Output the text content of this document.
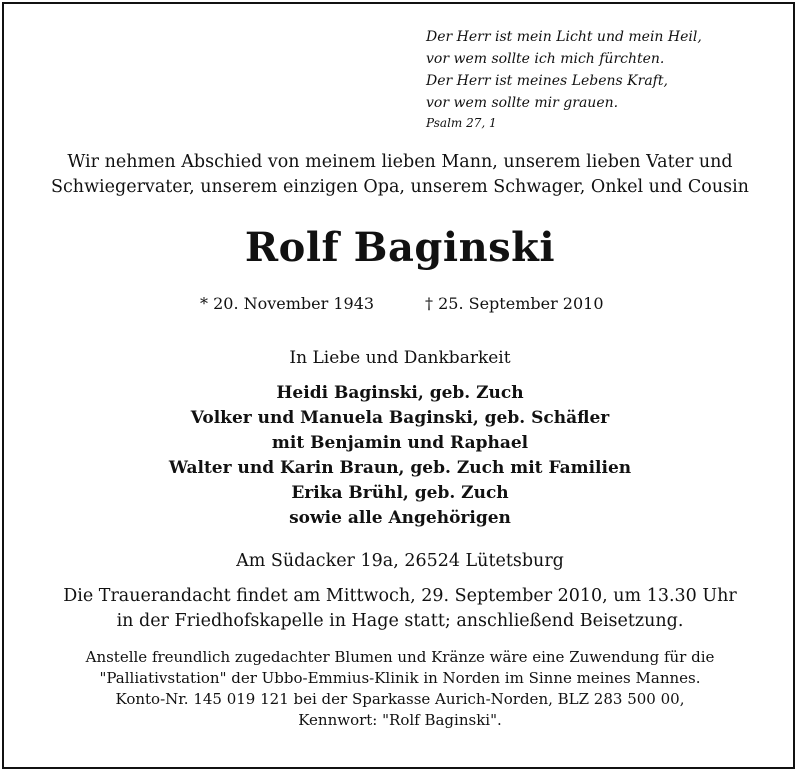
Der Herr ist mein Licht und mein Heil,
vor wem sollte ich mich fürchten.
Der Herr ist meines Lebens Kraft,
vor wem sollte mir grauen.
Psalm 27, 1
Wir nehmen Abschied von meinem lieben Mann, unserem lieben Vater und
Schwiegervater, unserem einzigen Opa, unserem Schwager, Onkel und Cousin
Rolf Baginski
* 20. November 1943	† 25. September 2010
In Liebe und Dankbarkeit
Heidi Baginski, geb. Zuch
Volker und Manuela Baginski, geb. Schäfler
mit Benjamin und Raphael
Walter und Karin Braun, geb. Zuch mit Familien
Erika Brühl, geb. Zuch
sowie alle Angehörigen
Am Südacker 19a, 26524 Lütetsburg
Die Trauerandacht findet am Mittwoch, 29. September 2010, um 13.30 Uhr
in der Friedhofskapelle in Hage statt; anschließend Beisetzung.
Anstelle freundlich zugedachter Blumen und Kränze wäre eine Zuwendung für die
"Palliativstation" der Ubbo-Emmius-Klinik in Norden im Sinne meines Mannes.
Konto-Nr. 145 019 121 bei der Sparkasse Aurich-Norden, BLZ 283 500 00,
Kennwort: "Rolf Baginski".
